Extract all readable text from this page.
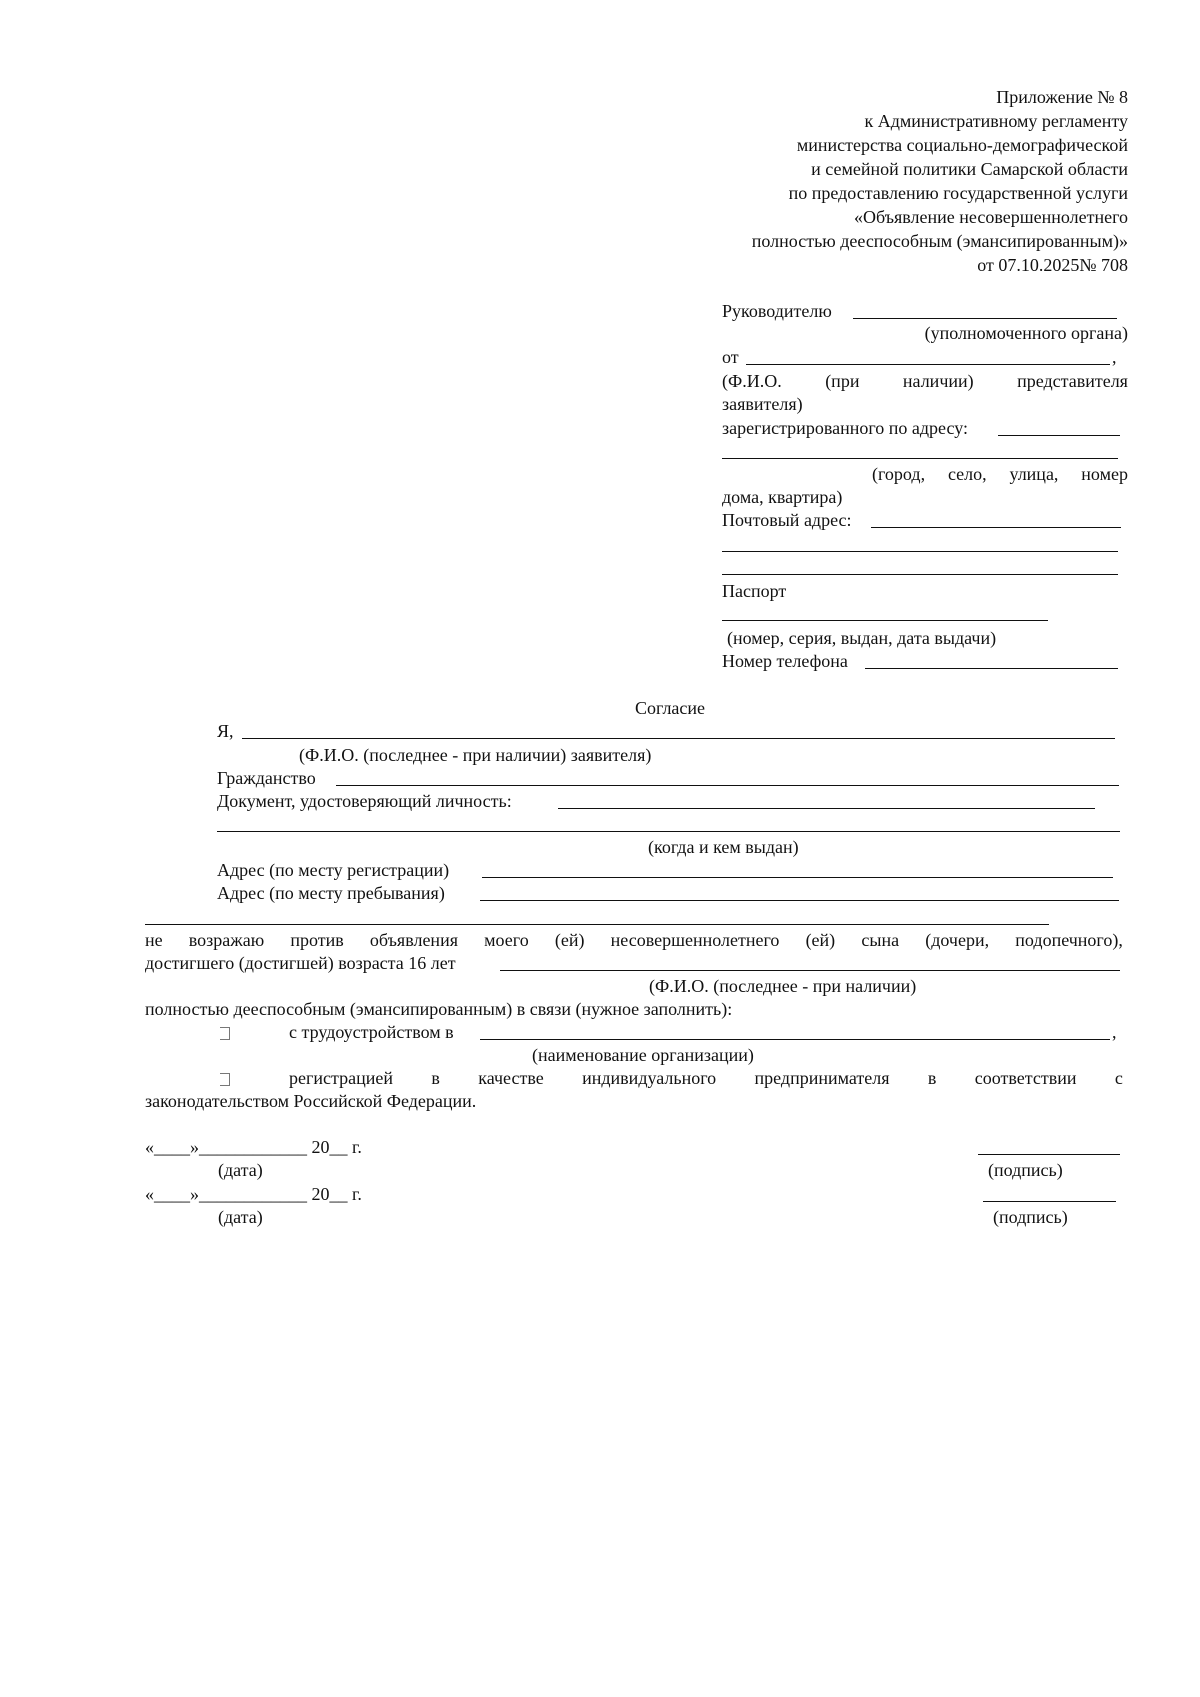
Приложение № 8
к Административному регламенту
министерства социально-демографической
и семейной политики Самарской области
по предоставлению государственной услуги
«Объявление несовершеннолетнего
полностью дееспособным (эмансипированным)»
от 07.10.2025№ 708
Руководителю
(уполномоченного органа)
от	,
(Ф.И.О. (при наличии) представителя
заявителя)
зарегистрированного по адресу:
(город, село, улица, номер
дома, квартира)
Почтовый адрес:
Паспорт
(номер, серия, выдан, дата выдачи)
Номер телефона
Согласие
Я,
(Ф.И.О. (последнее - при наличии) заявителя)
Гражданство
Документ, удостоверяющий личность:
(когда и кем выдан)
Адрес (по месту регистрации)
Адрес (по месту пребывания)
не возражаю против объявления моего (ей) несовершеннолетнего (ей) сына (дочери, подопечного),
достигшего (достигшей) возраста 16 лет
(Ф.И.О. (последнее - при наличии)
полностью дееспособным (эмансипированным) в связи (нужное заполнить):
с трудоустройством в	,
(наименование организации)
регистрацией в качестве индивидуального предпринимателя в соответствии с
законодательством Российской Федерации.
«____»____________ 20__ г.
(дата)	(подпись)
«____»____________ 20__ г.
(дата)	(подпись)
